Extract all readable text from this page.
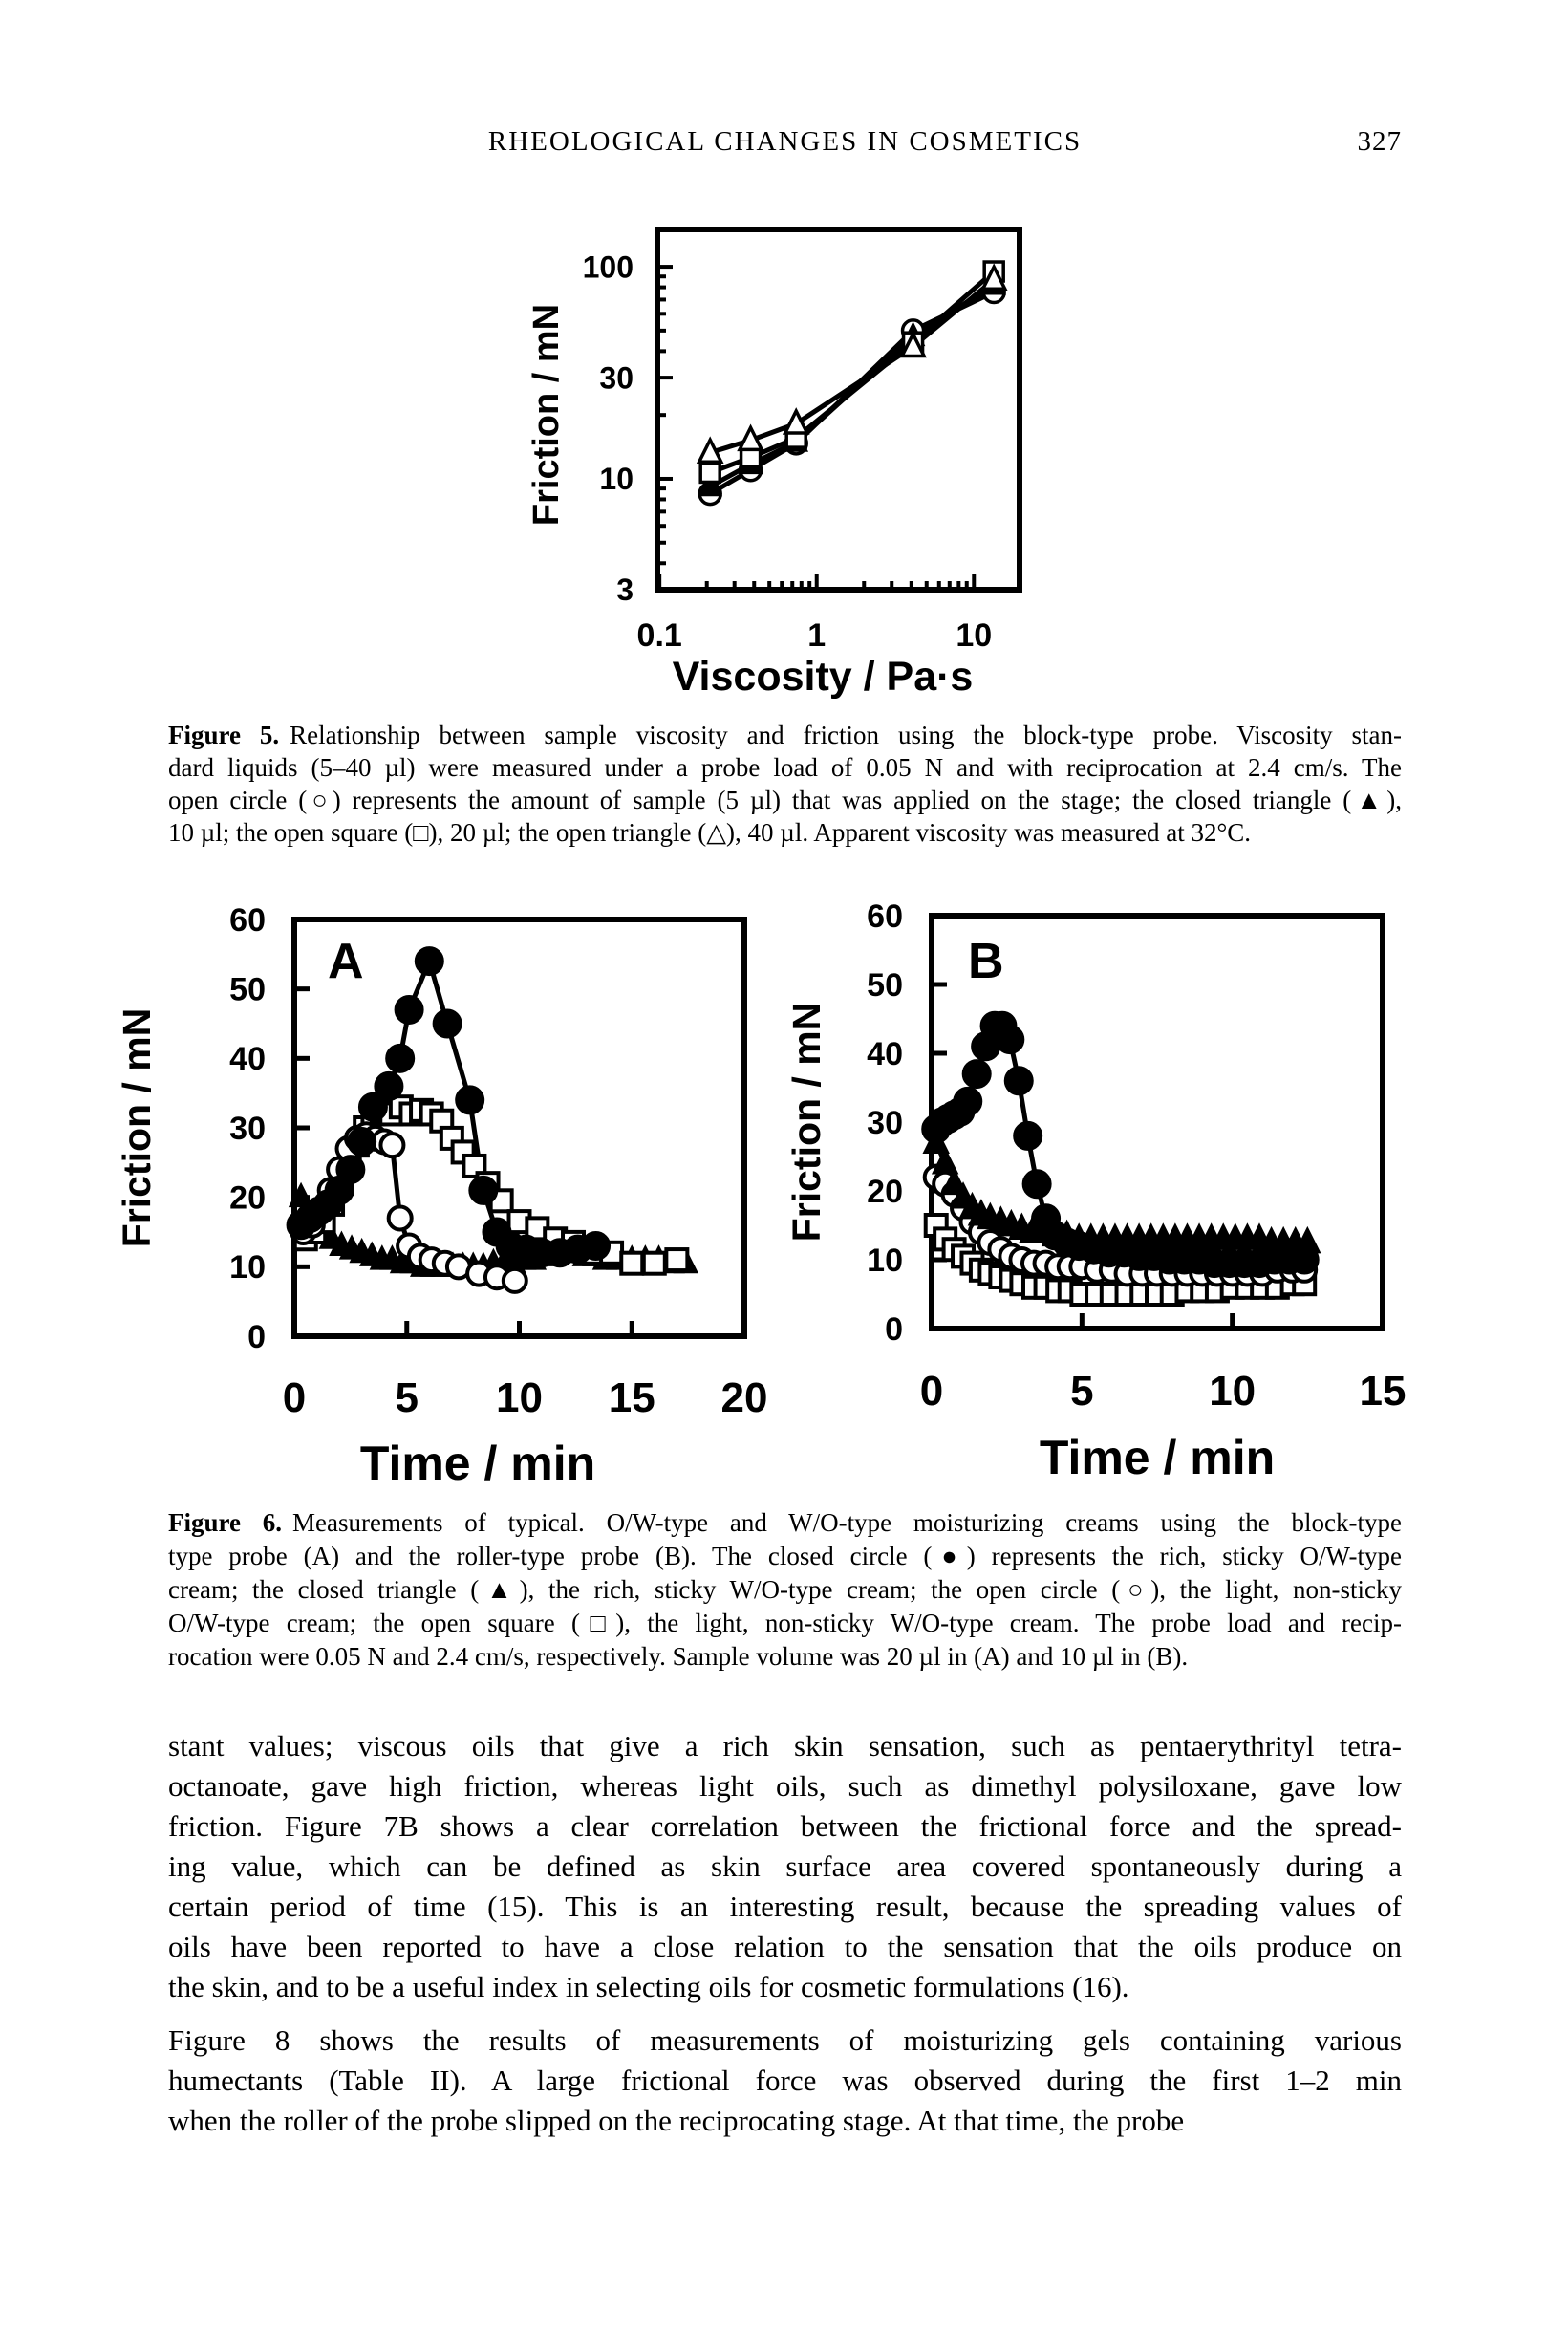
RHEOLOGICAL CHANGES IN COSMETICS	327
0.1	1	10
3
10
30
100
Viscosity / Pa·s
Friction / mN
Figure 5. Relationship between sample viscosity and friction using the block-type probe. Viscosity stan-
dard liquids (5–40 µl) were measured under a probe load of 0.05 N and with reciprocation at 2.4 cm/s. The
open circle (○) represents the amount of sample (5 µl) that was applied on the stage; the closed triangle (▲),
10 µl; the open square (□), 20 µl; the open triangle (△), 40 µl. Apparent viscosity was measured at 32°C.
0 5 10 15 20
0
10
20
30
40
50
60
Time / min
Friction / mN
A
0	5	10 15
0
10
20
30
40
50
60
Time / min
Friction / mN
B
Figure 6. Measurements of typical. O/W-type and W/O-type moisturizing creams using the block-type
type probe (A) and the roller-type probe (B). The closed circle (●) represents the rich, sticky O/W-type
cream; the closed triangle (▲), the rich, sticky W/O-type cream; the open circle (○), the light, non-sticky
O/W-type cream; the open square (□), the light, non-sticky W/O-type cream. The probe load and recip-
rocation were 0.05 N and 2.4 cm/s, respectively. Sample volume was 20 µl in (A) and 10 µl in (B).
stant values; viscous oils that give a rich skin sensation, such as pentaerythrityl tetra-
octanoate, gave high friction, whereas light oils, such as dimethyl polysiloxane, gave low
friction. Figure 7B shows a clear correlation between the frictional force and the spread-
ing value, which can be defined as skin surface area covered spontaneously during a
certain period of time (15). This is an interesting result, because the spreading values of
oils have been reported to have a close relation to the sensation that the oils produce on
the skin, and to be a useful index in selecting oils for cosmetic formulations (16).
Figure 8 shows the results of measurements of moisturizing gels containing various
humectants (Table II). A large frictional force was observed during the first 1–2 min
when the roller of the probe slipped on the reciprocating stage. At that time, the probe
